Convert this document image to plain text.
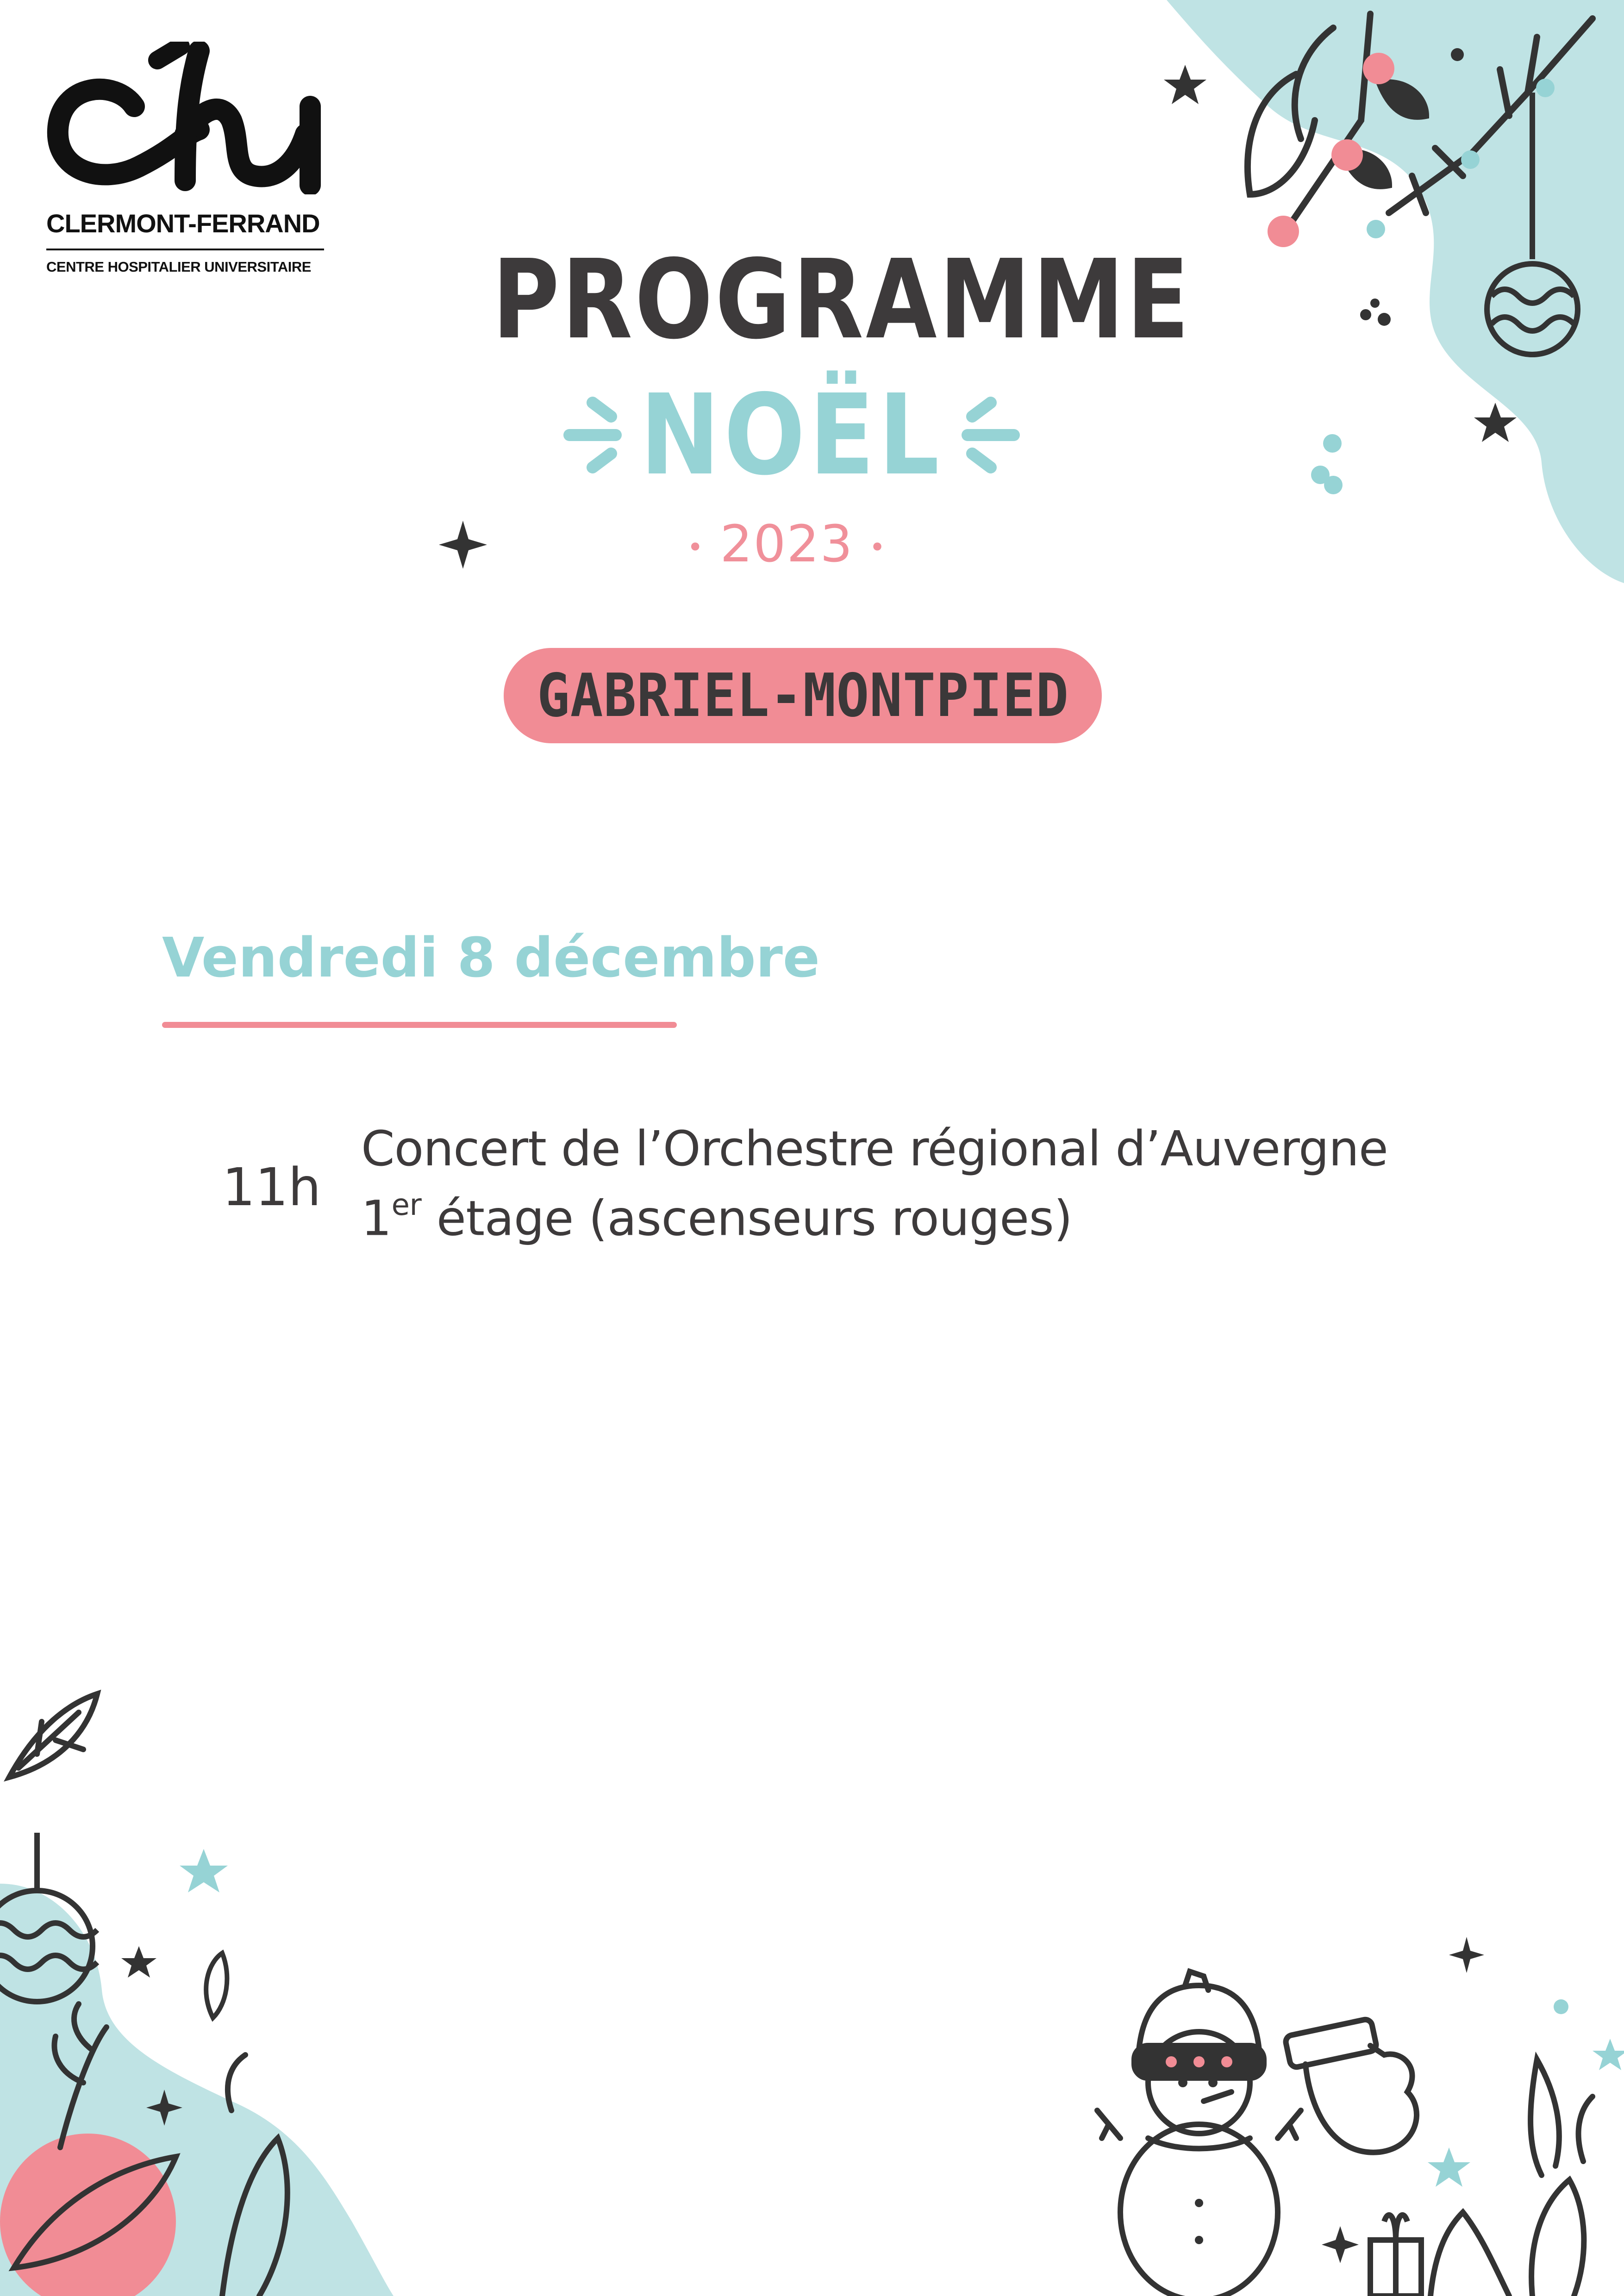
CLERMONT-FERRAND
CENTRE HOSPITALIER UNIVERSITAIRE PROGRAMME
NOËL
• 2023 •
GABRIEL-MONTPIED
Vendredi 8 décembre
11h
Concert de l’Orchestre régional d’Auvergne
1er étage (ascenseurs rouges)
